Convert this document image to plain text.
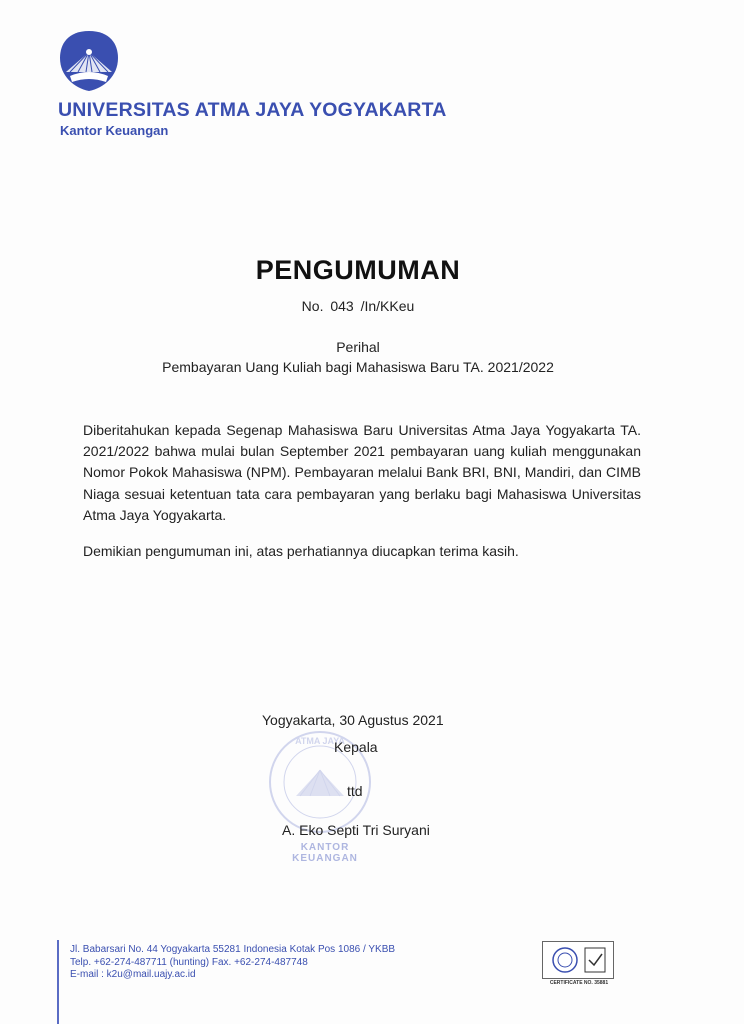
UNIVERSITAS ATMA JAYA YOGYAKARTA
Kantor Keuangan
PENGUMUMAN
No. 043 /In/KKeu
Perihal
Pembayaran Uang Kuliah bagi Mahasiswa Baru TA. 2021/2022
Diberitahukan kepada Segenap Mahasiswa Baru Universitas Atma Jaya Yogyakarta TA. 2021/2022 bahwa mulai bulan September 2021 pembayaran uang kuliah menggunakan Nomor Pokok Mahasiswa (NPM). Pembayaran melalui Bank BRI, BNI, Mandiri, dan CIMB Niaga sesuai ketentuan tata cara pembayaran yang berlaku bagi Mahasiswa Universitas Atma Jaya Yogyakarta.
Demikian pengumuman ini, atas perhatiannya diucapkan terima kasih.
ATMA JAYA
Yogyakarta, 30 Agustus 2021
Kepala
ttd
A. Eko Septi Tri Suryani
KANTOR KEUANGAN
Jl. Babarsari No. 44 Yogyakarta 55281 Indonesia Kotak Pos 1086 / YKBB
Telp. +62-274-487711 (hunting) Fax. +62-274-487748
E-mail : k2u@mail.uajy.ac.id
CERTIFICATE NO. 35881
